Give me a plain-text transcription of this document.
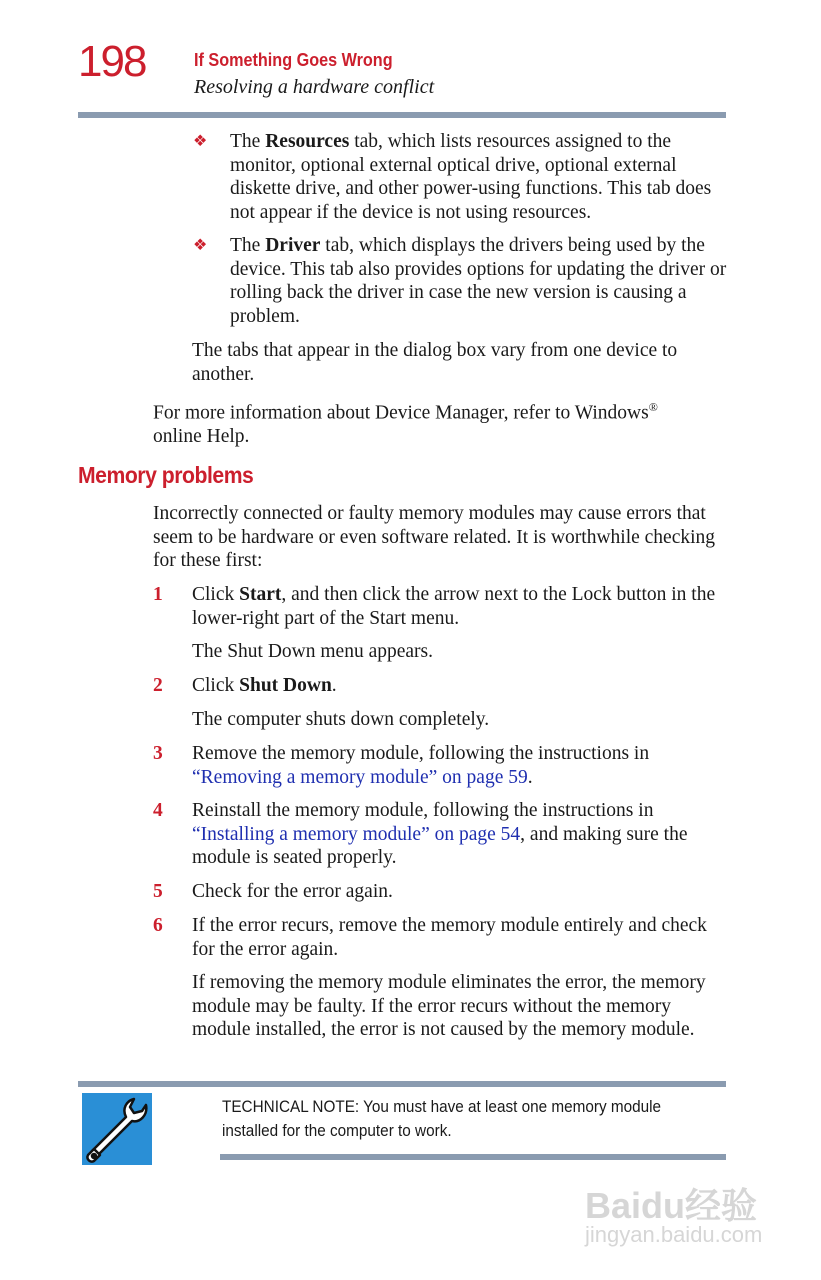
198	If Something Goes Wrong
Resolving a hardware conflict
❖ The Resources tab, which lists resources assigned to the monitor, optional external optical drive, optional external diskette drive, and other power-using functions. This tab does not appear if the device is not using resources.
❖ The Driver tab, which displays the drivers being used by the device. This tab also provides options for updating the driver or rolling back the driver in case the new version is causing a problem.
The tabs that appear in the dialog box vary from one device to another.
For more information about Device Manager, refer to Windows®
online Help.
Memory problems
Incorrectly connected or faulty memory modules may cause errors that seem to be hardware or even software related. It is worthwhile checking for these first:
1 Click Start, and then click the arrow next to the Lock button in the lower-right part of the Start menu.
The Shut Down menu appears.
2 Click Shut Down.
The computer shuts down completely.
3 Remove the memory module, following the instructions in “Removing a memory module” on page 59.
4 Reinstall the memory module, following the instructions in “Installing a memory module” on page 54, and making sure the module is seated properly.
5 Check for the error again.
6 If the error recurs, remove the memory module entirely and check for the error again.
If removing the memory module eliminates the error, the memory module may be faulty. If the error recurs without the memory module installed, the error is not caused by the memory module.
TECHNICAL NOTE: You must have at least one memory module installed for the computer to work.
Baidu经验
jingyan.baidu.com
